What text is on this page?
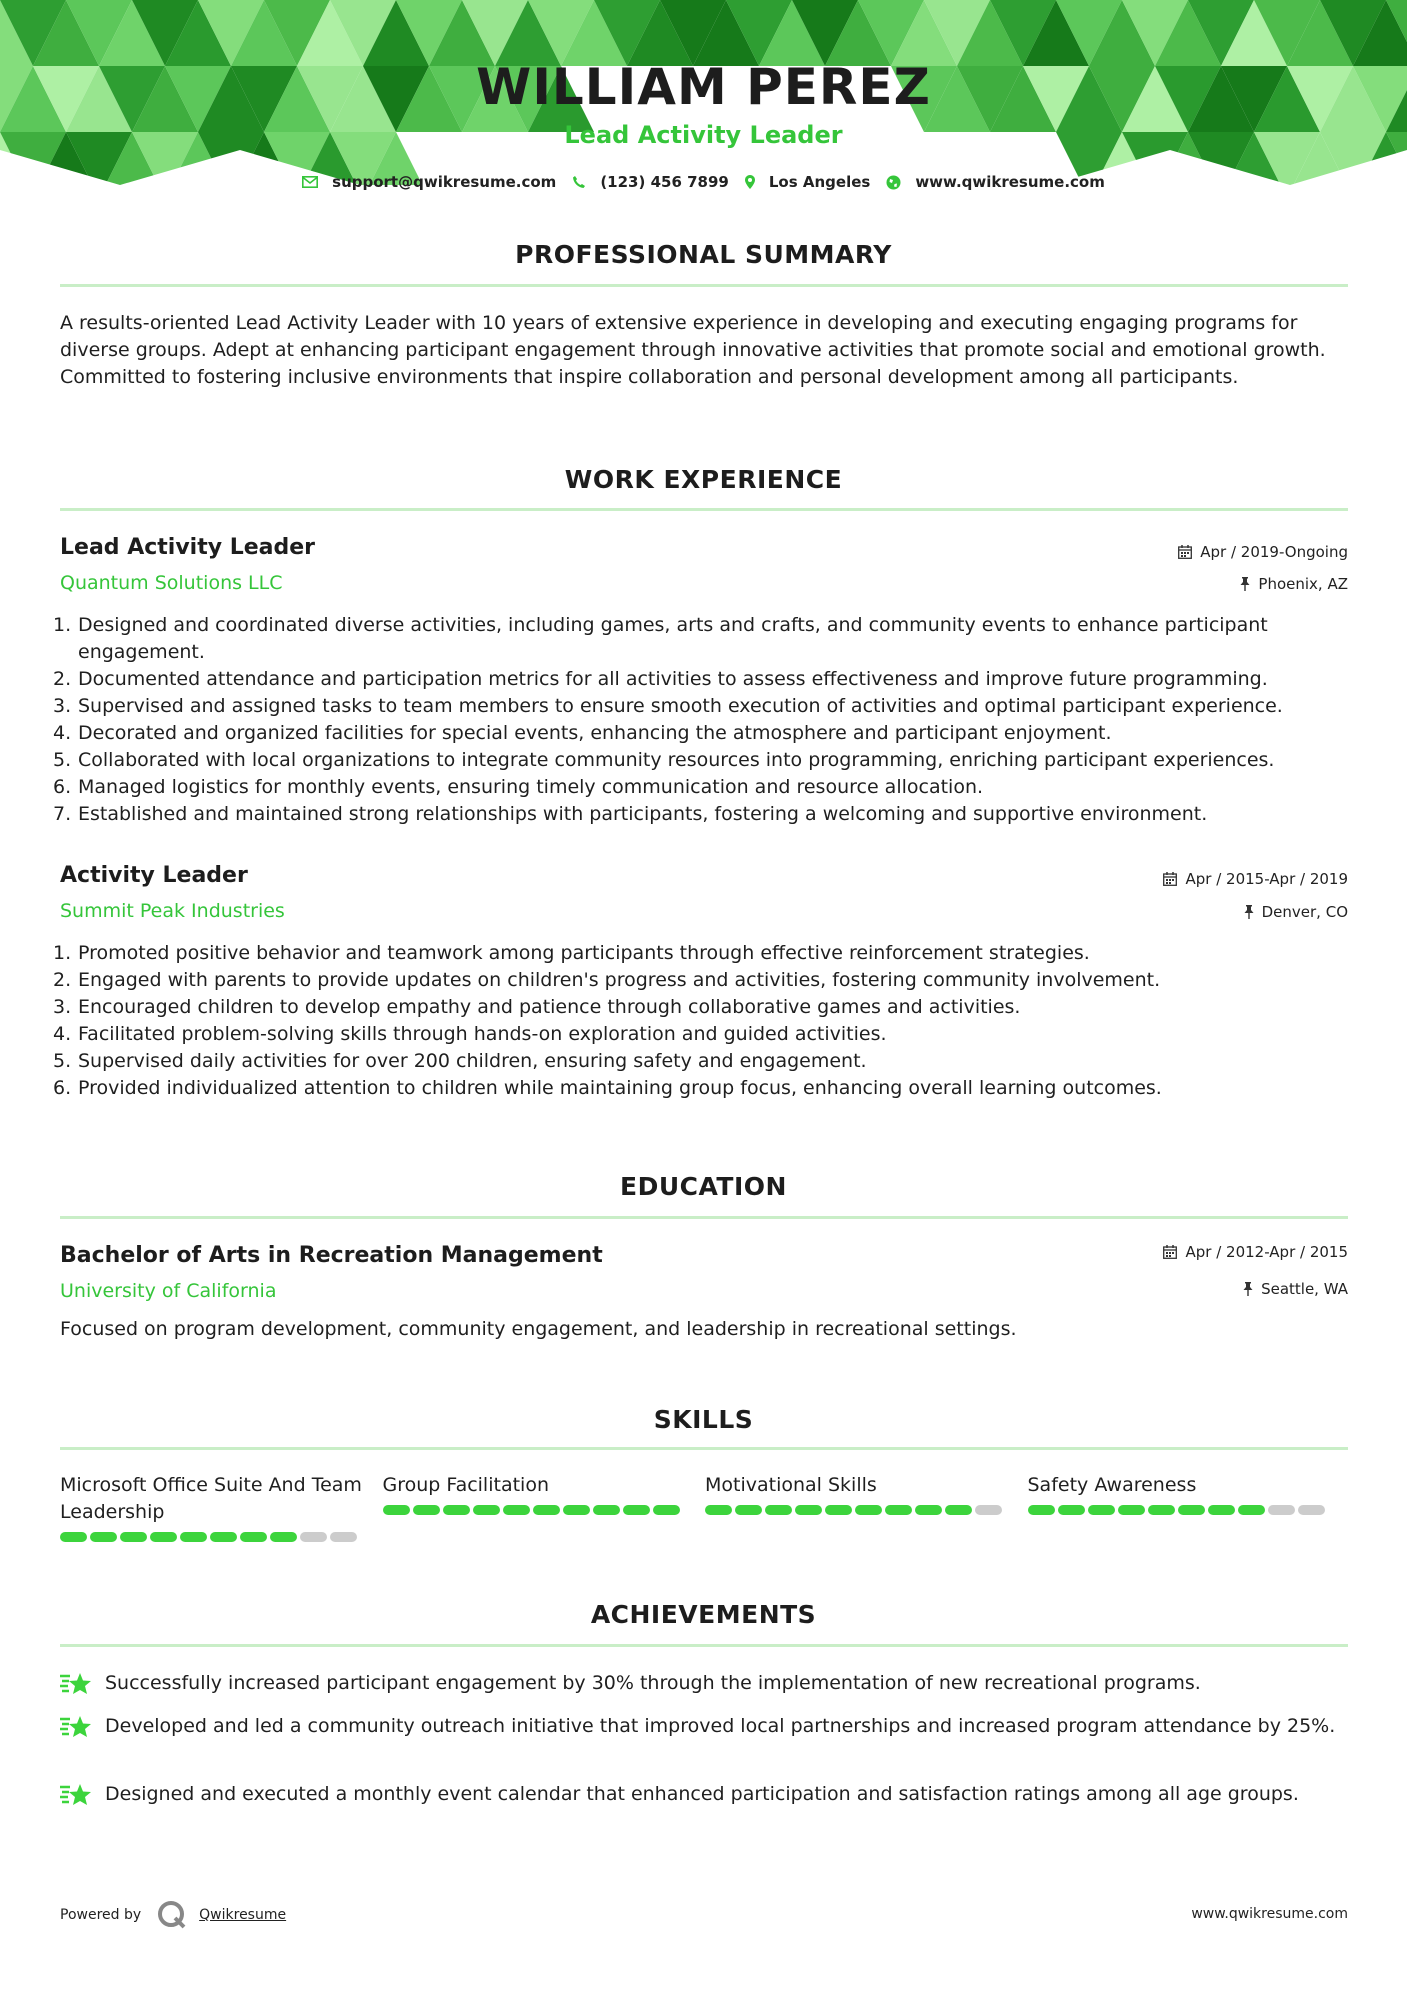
WILLIAM PEREZ
Lead Activity Leader
support@qwikresume.com	(123) 456 7899	Los Angeles	www.qwikresume.com
PROFESSIONAL SUMMARY
A results-oriented Lead Activity Leader with 10 years of extensive experience in developing and executing engaging programs for diverse groups. Adept at enhancing participant engagement through innovative activities that promote social and emotional growth. Committed to fostering inclusive environments that inspire collaboration and personal development among all participants.
WORK EXPERIENCE
Lead Activity Leader
Quantum Solutions LLC
Apr / 2019-Ongoing
Phoenix, AZ
1. Designed and coordinated diverse activities, including games, arts and crafts, and community events to enhance participant engagement.
2. Documented attendance and participation metrics for all activities to assess effectiveness and improve future programming.
3. Supervised and assigned tasks to team members to ensure smooth execution of activities and optimal participant experience.
4. Decorated and organized facilities for special events, enhancing the atmosphere and participant enjoyment.
5. Collaborated with local organizations to integrate community resources into programming, enriching participant experiences.
6. Managed logistics for monthly events, ensuring timely communication and resource allocation.
7. Established and maintained strong relationships with participants, fostering a welcoming and supportive environment.
Activity Leader
Summit Peak Industries
Apr / 2015-Apr / 2019
Denver, CO
1. Promoted positive behavior and teamwork among participants through effective reinforcement strategies.
2. Engaged with parents to provide updates on children's progress and activities, fostering community involvement.
3. Encouraged children to develop empathy and patience through collaborative games and activities.
4. Facilitated problem-solving skills through hands-on exploration and guided activities.
5. Supervised daily activities for over 200 children, ensuring safety and engagement.
6. Provided individualized attention to children while maintaining group focus, enhancing overall learning outcomes.
EDUCATION
Bachelor of Arts in Recreation Management
University of California
Apr / 2012-Apr / 2015
Seattle, WA
Focused on program development, community engagement, and leadership in recreational settings.
SKILLS
Microsoft Office Suite And Team Leadership
Group Facilitation	Motivational Skills	Safety Awareness
ACHIEVEMENTS
Successfully increased participant engagement by 30% through the implementation of new recreational programs.
Developed and led a community outreach initiative that improved local partnerships and increased program attendance by 25%.
Designed and executed a monthly event calendar that enhanced participation and satisfaction ratings among all age groups.
Powered by	Qwikresume	www.qwikresume.com
